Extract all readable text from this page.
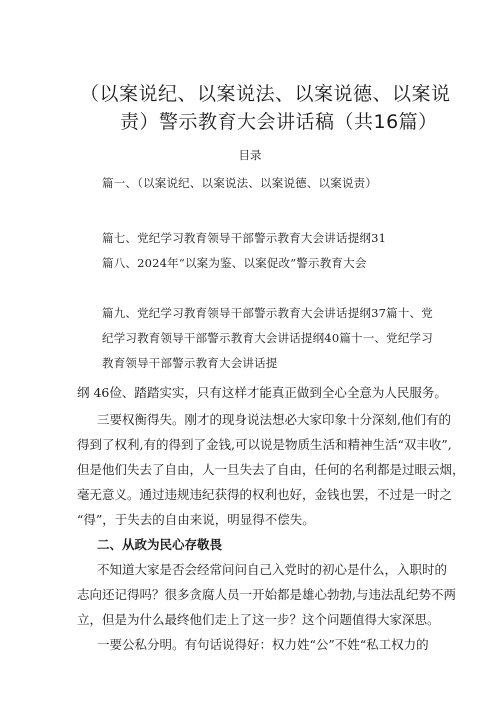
（以案说纪、以案说法、以案说德、以案说
责）警示教育大会讲话稿（共16篇）
目录
篇一、（以案说纪、以案说法、以案说德、以案说责）
篇七、党纪学习教育领导干部警示教育大会讲话提纲31
篇八、2024年“以案为鉴、以案促改”警示教育大会
篇九、党纪学习教育领导干部警示教育大会讲话提纲37篇十、党
纪学习教育领导干部警示教育大会讲话提纲40篇十一、党纪学习
教育领导干部警示教育大会讲话提
纲 46俭、踏踏实实，只有这样才能真正做到全心全意为人民服务。
三要权衡得失。刚才的现身说法想必大家印象十分深刻,他们有的
得到了权利,有的得到了金钱,可以说是物质生活和精神生活“双丰收”,
但是他们失去了自由，人一旦失去了自由，任何的名利都是过眼云烟，
毫无意义。通过违规违纪获得的权利也好，金钱也罢，不过是一时之
“得”，于失去的自由来说，明显得不偿失。
二、从政为民心存敬畏
不知道大家是否会经常问问自己入党时的初心是什么，入职时的
志向还记得吗？很多贪腐人员一开始都是雄心勃勃,与违法乱纪势不两
立，但是为什么最终他们走上了这一步？这个问题值得大家深思。
一要公私分明。有句话说得好：权力姓“公”不姓“私工权力的
